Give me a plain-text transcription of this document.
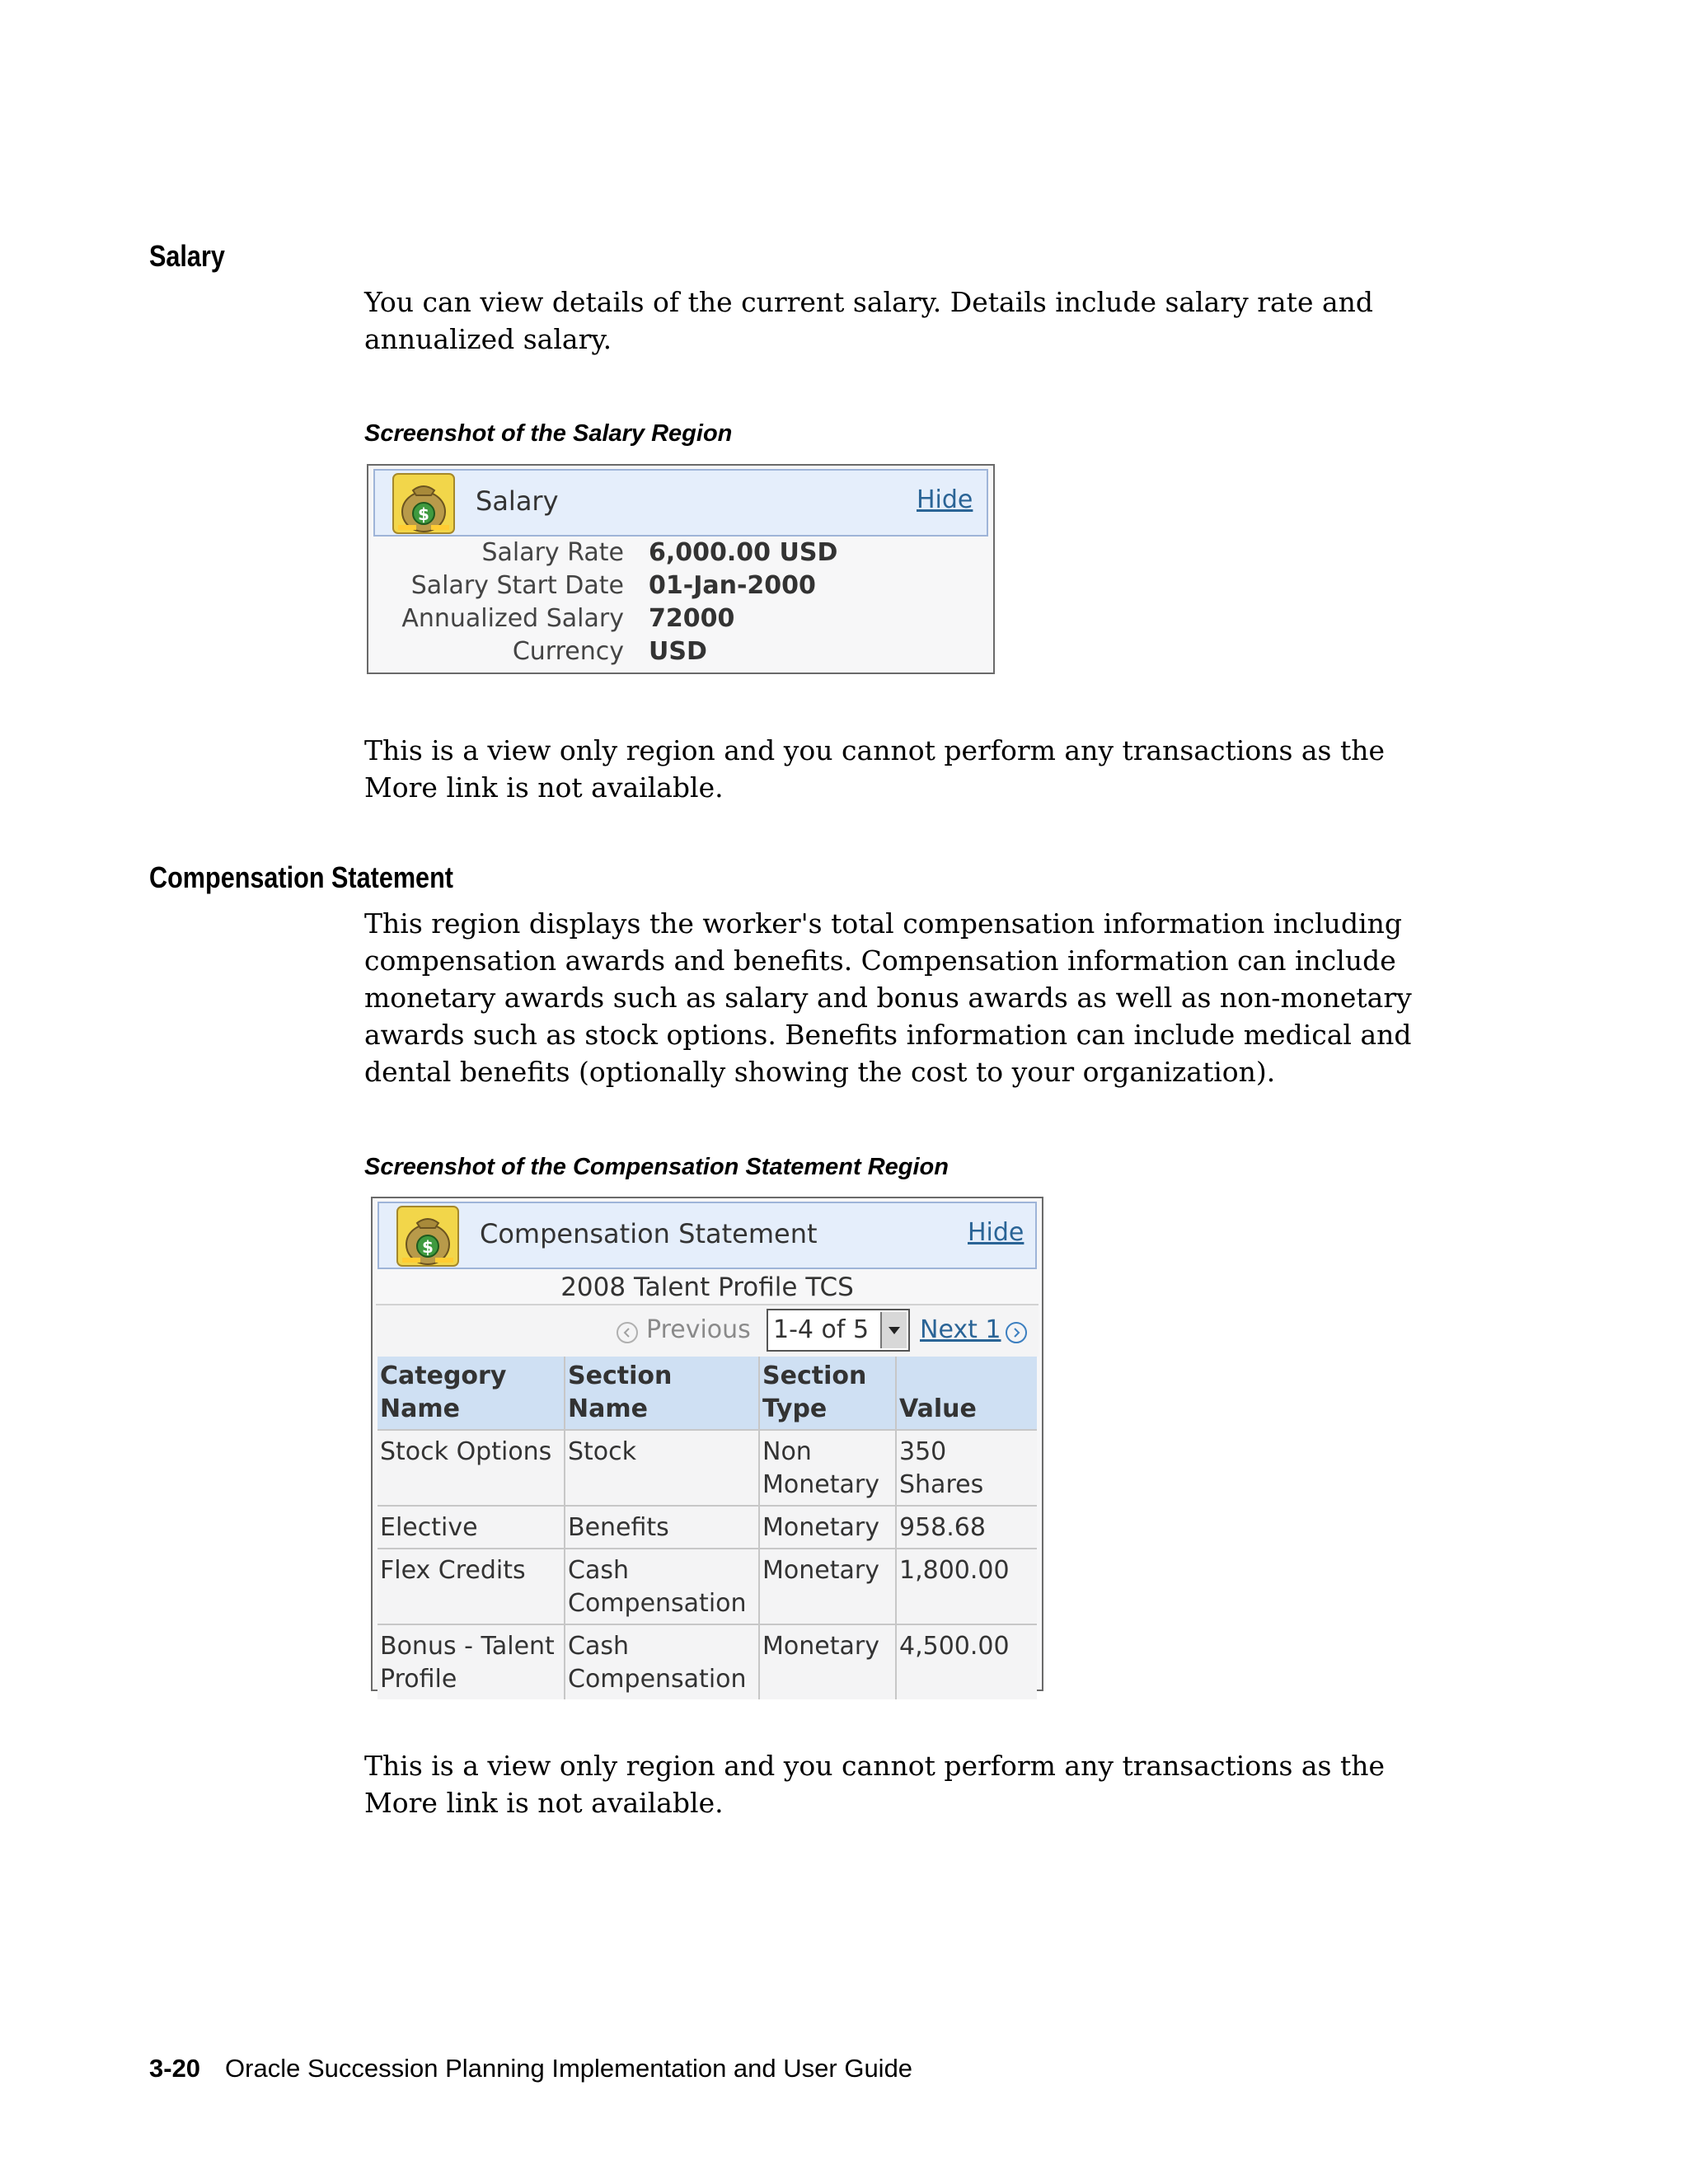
Salary
You can view details of the current salary. Details include salary rate and annualized salary.
Screenshot of the Salary Region
$ Salary	Hide
Salary Rate 6,000.00 USD
Salary Start Date 01-Jan-2000
Annualized Salary 72000
Currency USD
This is a view only region and you cannot perform any transactions as the More link is not available.
Compensation Statement
This region displays the worker's total compensation information including compensation awards and benefits. Compensation information can include monetary awards such as salary and bonus awards as well as non-monetary awards such as stock options. Benefits information can include medical and dental benefits (optionally showing the cost to your organization).
Screenshot of the Compensation Statement Region
$ Compensation Statement	Hide
2008 Talent Profile TCS
Previous 1-4 of 5 Next 1
Category Name	Section Name	Section Type	Value
Stock Options	Stock	Non Monetary	350 Shares
Elective	Benefits	Monetary	958.68
Flex Credits	Cash Compensation	Monetary	1,800.00
Bonus - Talent Profile	Cash Compensation	Monetary	4,500.00
This is a view only region and you cannot perform any transactions as the More link is not available.
3-20 Oracle Succession Planning Implementation and User Guide
